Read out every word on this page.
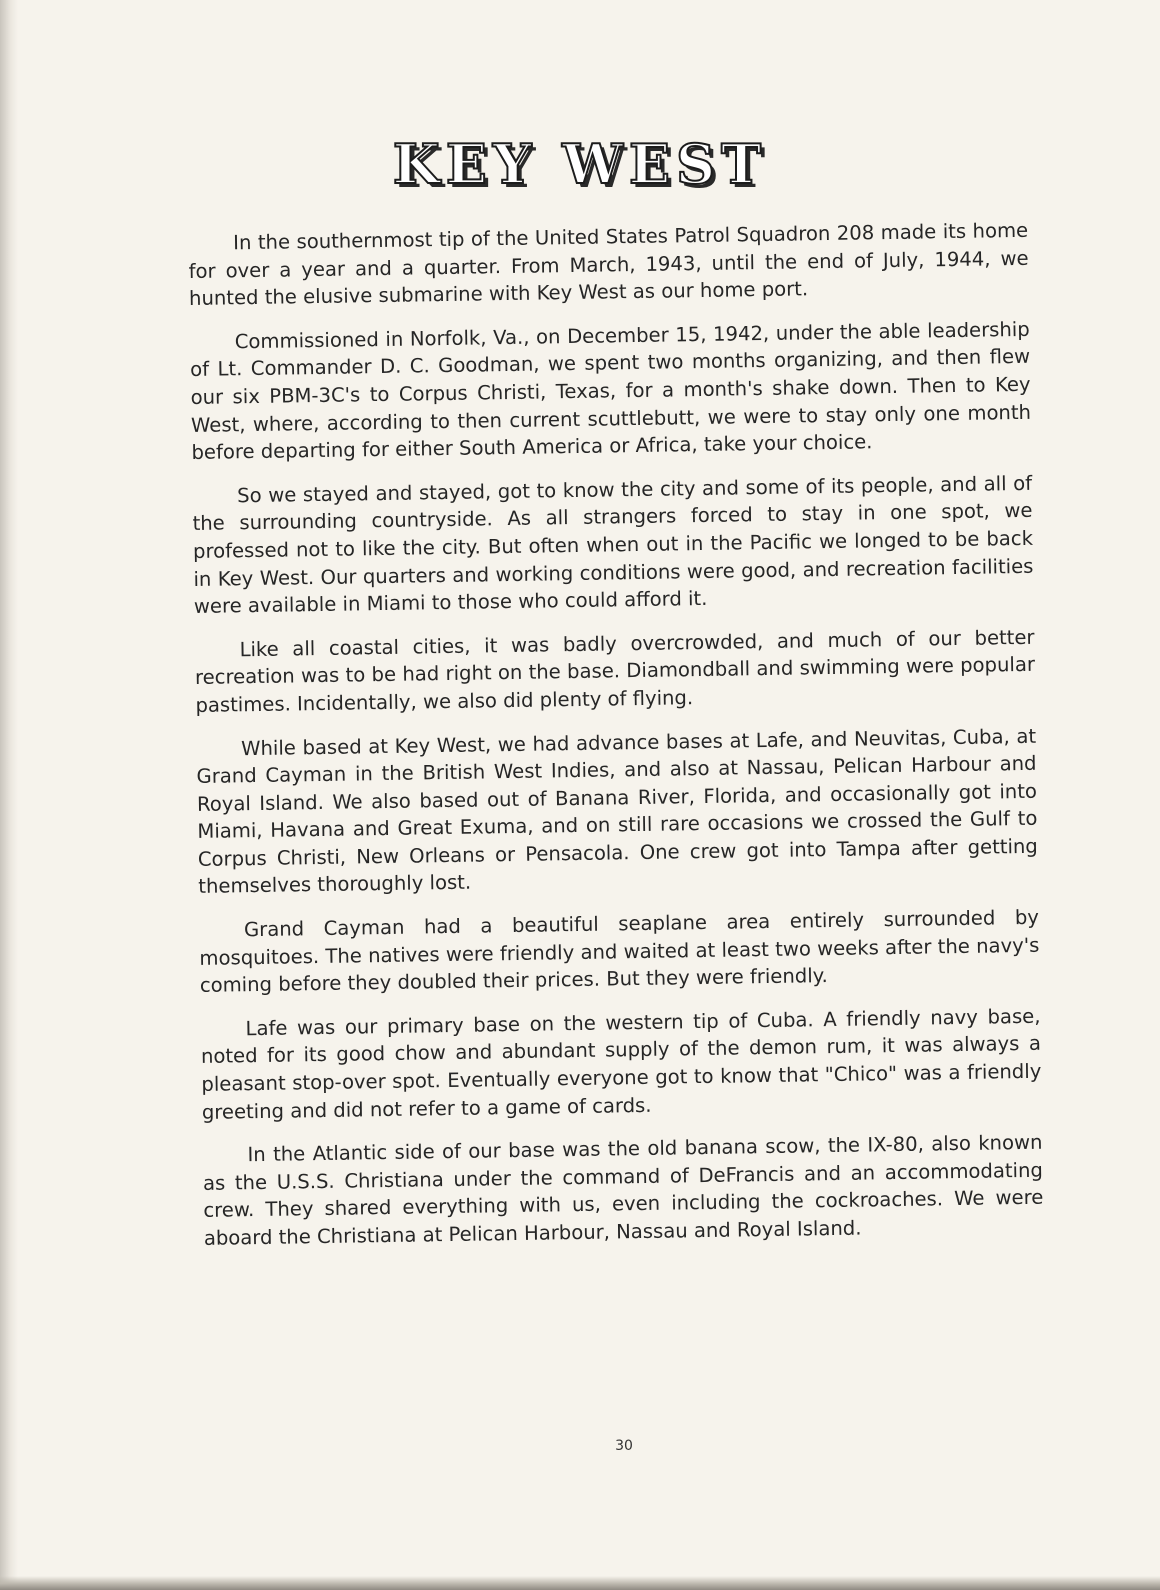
KEY WEST

In the southernmost tip of the United States Patrol Squadron 208 made its home for over a year and a quarter. From March, 1943, until the end of July, 1944, we hunted the elusive submarine with Key West as our home port.

Commissioned in Norfolk, Va., on December 15, 1942, under the able leadership of Lt. Commander D. C. Goodman, we spent two months organizing, and then flew our six PBM-3C's to Corpus Christi, Texas, for a month's shake down. Then to Key West, where, according to then current scuttlebutt, we were to stay only one month before departing for either South America or Africa, take your choice.

So we stayed and stayed, got to know the city and some of its people, and all of the surrounding countryside. As all strangers forced to stay in one spot, we professed not to like the city. But often when out in the Pacific we longed to be back in Key West. Our quarters and working conditions were good, and recreation facilities were available in Miami to those who could afford it.

Like all coastal cities, it was badly overcrowded, and much of our better recreation was to be had right on the base. Diamondball and swimming were popular pastimes. Incidentally, we also did plenty of flying.

While based at Key West, we had advance bases at Lafe, and Neuvitas, Cuba, at Grand Cayman in the British West Indies, and also at Nassau, Pelican Harbour and Royal Island. We also based out of Banana River, Florida, and occasionally got into Miami, Havana and Great Exuma, and on still rare occasions we crossed the Gulf to Corpus Christi, New Orleans or Pensacola. One crew got into Tampa after getting themselves thoroughly lost.

Grand Cayman had a beautiful seaplane area entirely surrounded by mosquitoes. The natives were friendly and waited at least two weeks after the navy's coming before they doubled their prices. But they were friendly.

Lafe was our primary base on the western tip of Cuba. A friendly navy base, noted for its good chow and abundant supply of the demon rum, it was always a pleasant stop-over spot. Eventually everyone got to know that "Chico" was a friendly greeting and did not refer to a game of cards.

In the Atlantic side of our base was the old banana scow, the IX-80, also known as the U.S.S. Christiana under the command of DeFrancis and an accommodating crew. They shared everything with us, even including the cockroaches. We were aboard the Christiana at Pelican Harbour, Nassau and Royal Island.

30
